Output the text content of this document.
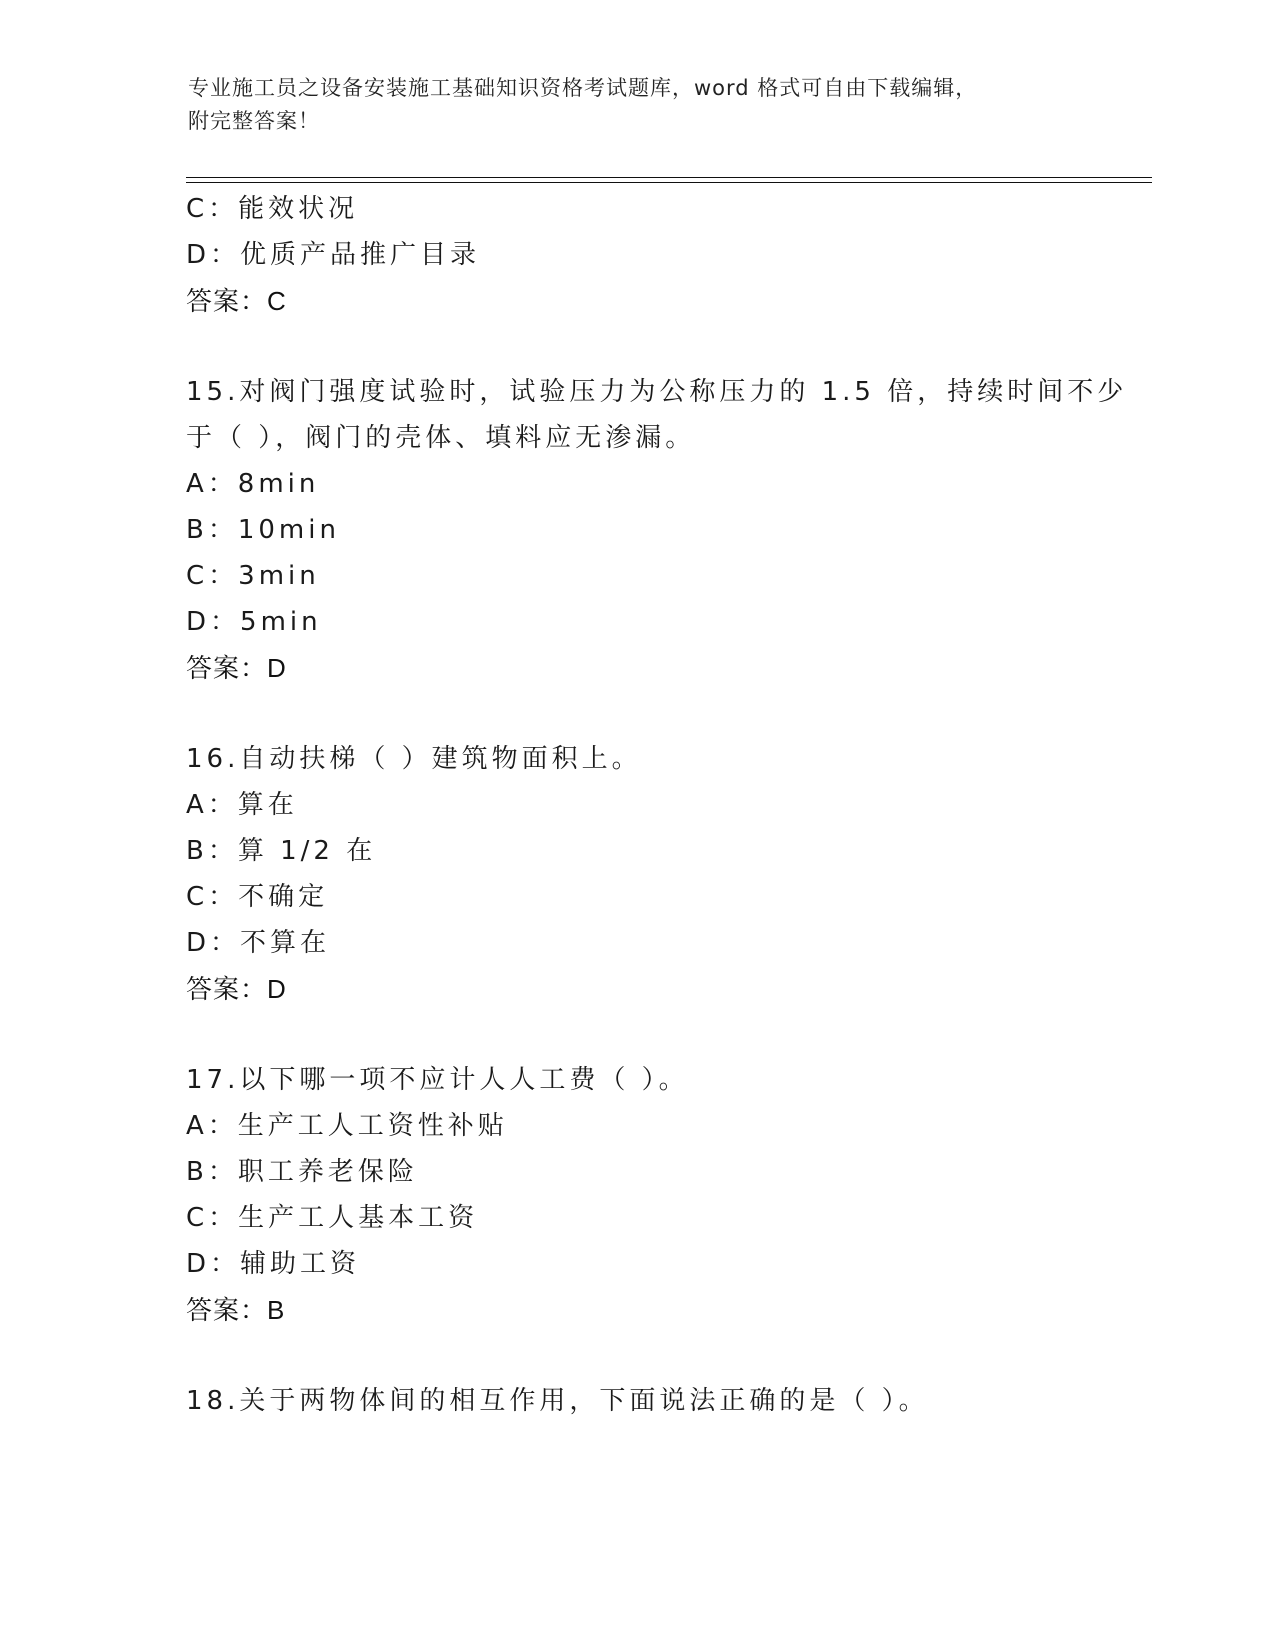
专业施工员之设备安装施工基础知识资格考试题库，word 格式可自由下载编辑，
附完整答案！
C：能效状况
D：优质产品推广目录
答案：C
15.对阀门强度试验时，试验压力为公称压力的 1.5 倍，持续时间不少
于（ ），阀门的壳体、填料应无渗漏。
A：8min
B：10min
C：3min
D：5min
答案：D
16.自动扶梯（ ）建筑物面积上。
A：算在
B：算 1/2 在
C：不确定
D：不算在
答案：D
17.以下哪一项不应计人人工费（ ）。
A：生产工人工资性补贴
B：职工养老保险
C：生产工人基本工资
D：辅助工资
答案：B
18.关于两物体间的相互作用，下面说法正确的是（ ）。
